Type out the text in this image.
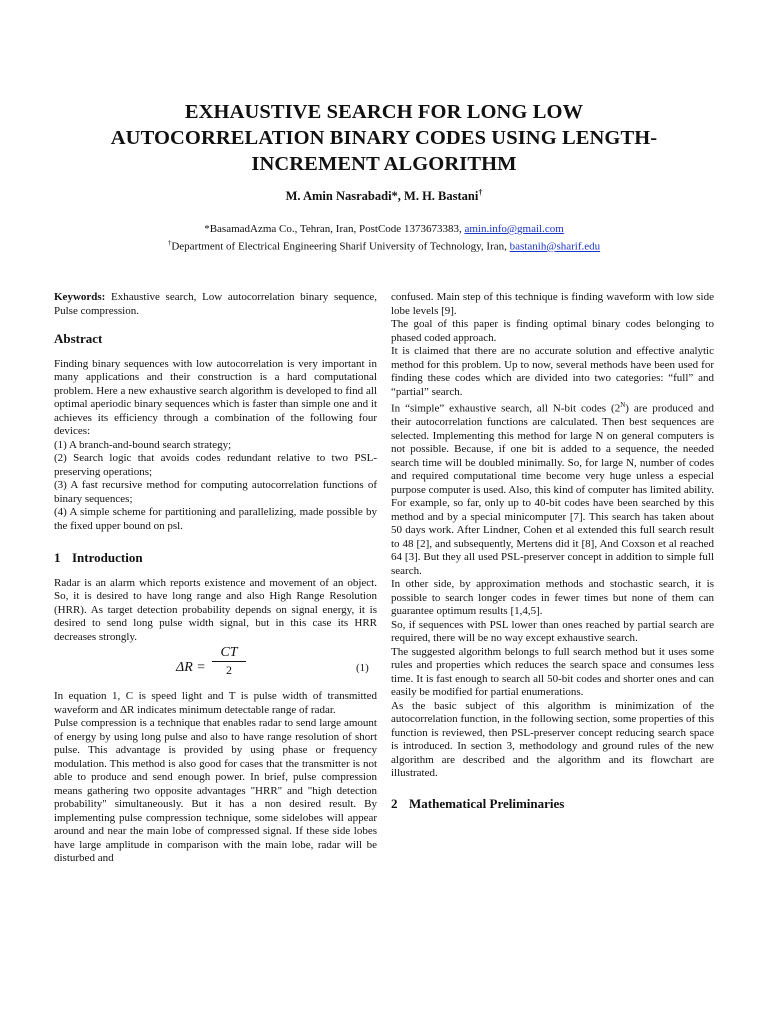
EXHAUSTIVE SEARCH FOR LONG LOW
AUTOCORRELATION BINARY CODES USING LENGTH-
INCREMENT ALGORITHM
M. Amin Nasrabadi*, M. H. Bastani†
*BasamadAzma Co., Tehran, Iran, PostCode 1373673383, amin.info@gmail.com
†Department of Electrical Engineering Sharif University of Technology, Iran, bastanih@sharif.edu

Keywords: Exhaustive search, Low autocorrelation binary sequence, Pulse compression.

Abstract

Finding binary sequences with low autocorrelation is very important in many applications and their construction is a hard computational problem. Here a new exhaustive search algorithm is developed to find all optimal aperiodic binary sequences which is faster than simple one and it achieves its efficiency through a combination of the following four devices:

(1) A branch-and-bound search strategy;

(2) Search logic that avoids codes redundant relative to two PSL-preserving operations;

(3) A fast recursive method for computing autocorrelation functions of binary sequences;

(4) A simple scheme for partitioning and parallelizing, made possible by the fixed upper bound on psl.

1 Introduction

Radar is an alarm which reports existence and movement of an object. So, it is desired to have long range and also High Range Resolution (HRR). As target detection probability depends on signal energy, it is desired to send long pulse width signal, but in this case its HRR decreases strongly.

$\Delta R = \frac{CT}{2}$	(1)

In equation 1, C is speed light and T is pulse width of transmitted waveform and ΔR indicates minimum detectable range of radar.

Pulse compression is a technique that enables radar to send large amount of energy by using long pulse and also to have range resolution of short pulse. This advantage is provided by using phase or frequency modulation. This method is also good for cases that the transmitter is not able to produce and send enough power. In brief, pulse compression means gathering two opposite advantages "HRR" and "high detection probability" simultaneously. But it has a non desired result. By implementing pulse compression technique, some sidelobes will appear around and near the main lobe of compressed signal. If these side lobes have large amplitude in comparison with the main lobe, radar will be disturbed and

confused. Main step of this technique is finding waveform with low side lobe levels [9].

The goal of this paper is finding optimal binary codes belonging to phased coded approach.

It is claimed that there are no accurate solution and effective analytic method for this problem. Up to now, several methods have been used for finding these codes which are divided into two categories: “full” and “partial” search.

In “simple” exhaustive search, all N-bit codes $(2^N)$ are produced and their autocorrelation functions are calculated. Then best sequences are selected. Implementing this method for large N on general computers is not possible. Because, if one bit is added to a sequence, the needed search time will be doubled minimally. So, for large N, number of codes and required computational time become very huge unless a especial purpose computer is used. Also, this kind of computer has limited ability. For example, so far, only up to 40-bit codes have been searched by this method and by a special minicomputer [7]. This search has taken about 50 days work. After Lindner, Cohen et al extended this full search result to 48 [2], and subsequently, Mertens did it [8], And Coxson et al reached 64 [3]. But they all used PSL-preserver concept in addition to simple full search.

In other side, by approximation methods and stochastic search, it is possible to search longer codes in fewer times but none of them can guarantee optimum results [1,4,5].

So, if sequences with PSL lower than ones reached by partial search are required, there will be no way except exhaustive search.

The suggested algorithm belongs to full search method but it uses some rules and properties which reduces the search space and consumes less time. It is fast enough to search all 50-bit codes and shorter ones and can easily be modified for partial enumerations.

As the basic subject of this algorithm is minimization of the autocorrelation function, in the following section, some properties of this function is reviewed, then PSL-preserver concept reducing search space is introduced. In section 3, methodology and ground rules of the new algorithm are described and the algorithm and its flowchart are illustrated.

2 Mathematical Preliminaries
